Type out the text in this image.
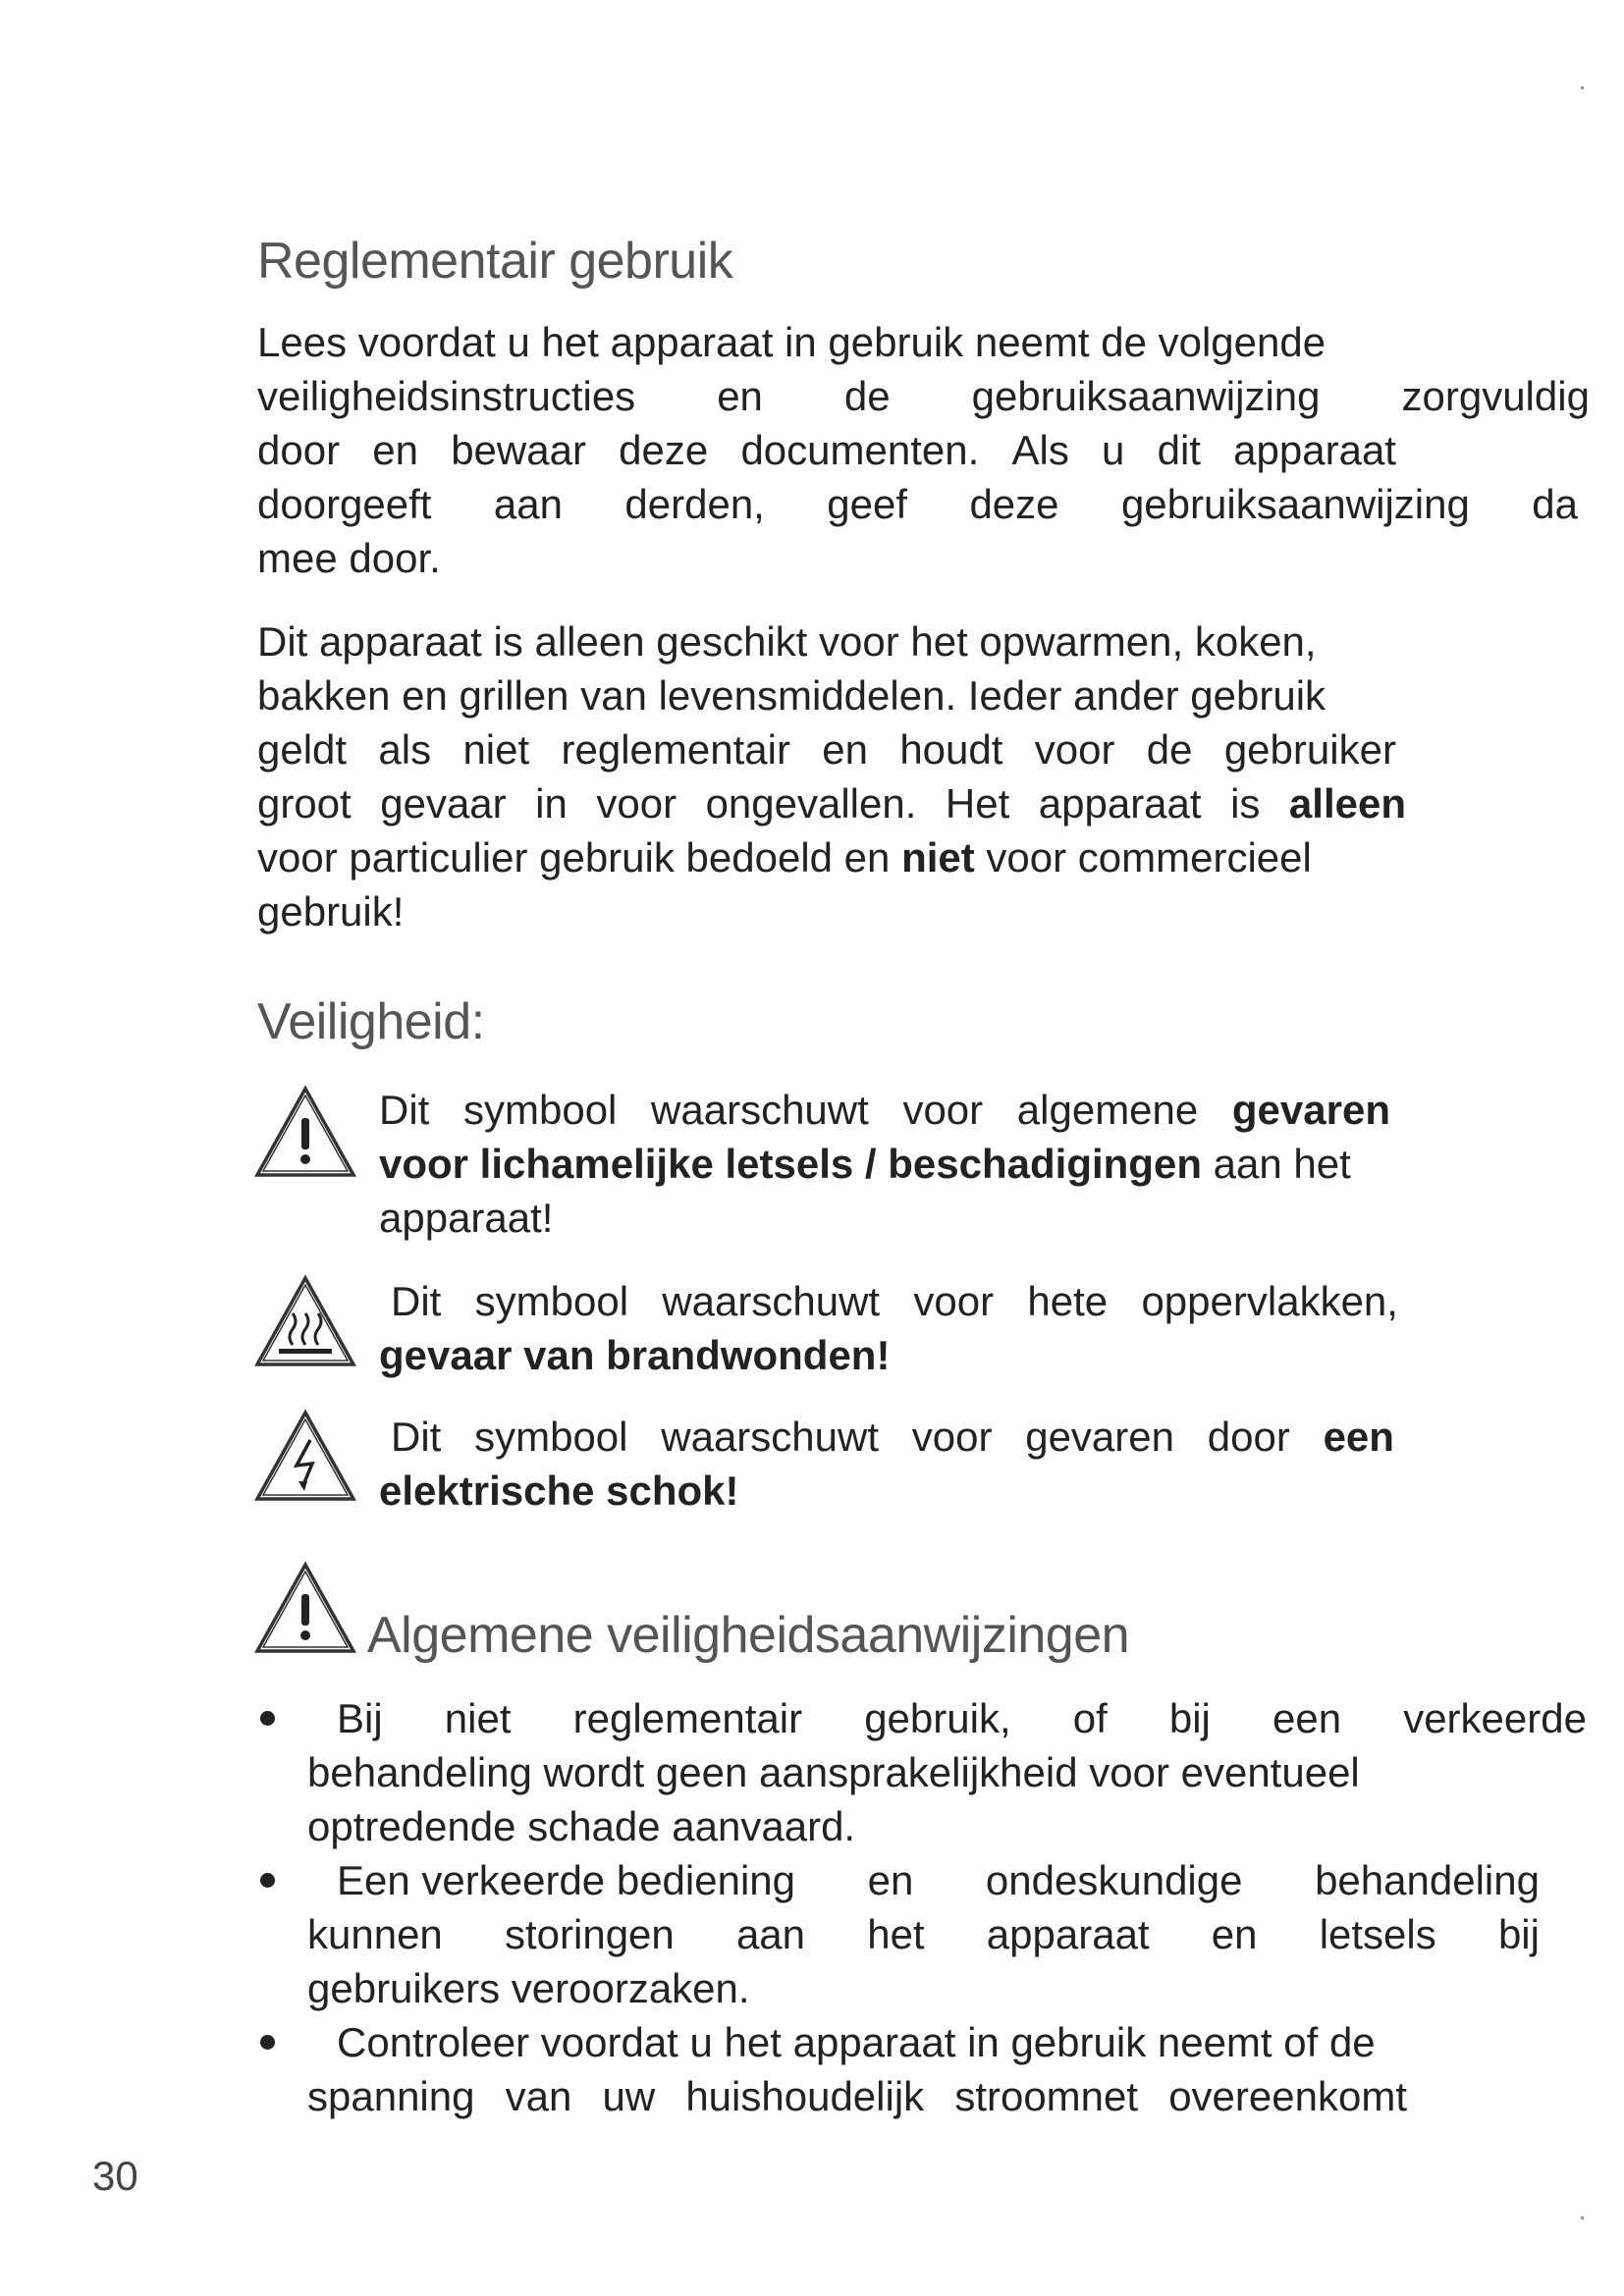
Reglementair gebruik
Lees voordat u het apparaat in gebruik neemt de volgende
veiligheidsinstructies en de gebruiksaanwijzing zorgvuldig
door en bewaar deze documenten. Als u dit apparaat
doorgeeft aan derden, geef deze gebruiksaanwijzing da
mee door.
Dit apparaat is alleen geschikt voor het opwarmen, koken,
bakken en grillen van levensmiddelen. Ieder ander gebruik
geldt als niet reglementair en houdt voor de gebruiker
groot gevaar in voor ongevallen. Het apparaat is alleen
voor particulier gebruik bedoeld en niet voor commercieel
gebruik!
Veiligheid:
Dit symbool waarschuwt voor algemene gevaren
voor lichamelijke letsels / beschadigingen aan het
apparaat!
Dit symbool waarschuwt voor hete oppervlakken,
gevaar van brandwonden!
Dit symbool waarschuwt voor gevaren door een
elektrische schok!
Algemene veiligheidsaanwijzingen
Bij niet reglementair gebruik, of bij een verkeerde
behandeling wordt geen aansprakelijkheid voor eventueel
optredende schade aanvaard.
Een verkeerde bediening en ondeskundige behandeling
kunnen storingen aan het apparaat en letsels bij
gebruikers veroorzaken.
Controleer voordat u het apparaat in gebruik neemt of de
spanning van uw huishoudelijk stroomnet overeenkomt
30
